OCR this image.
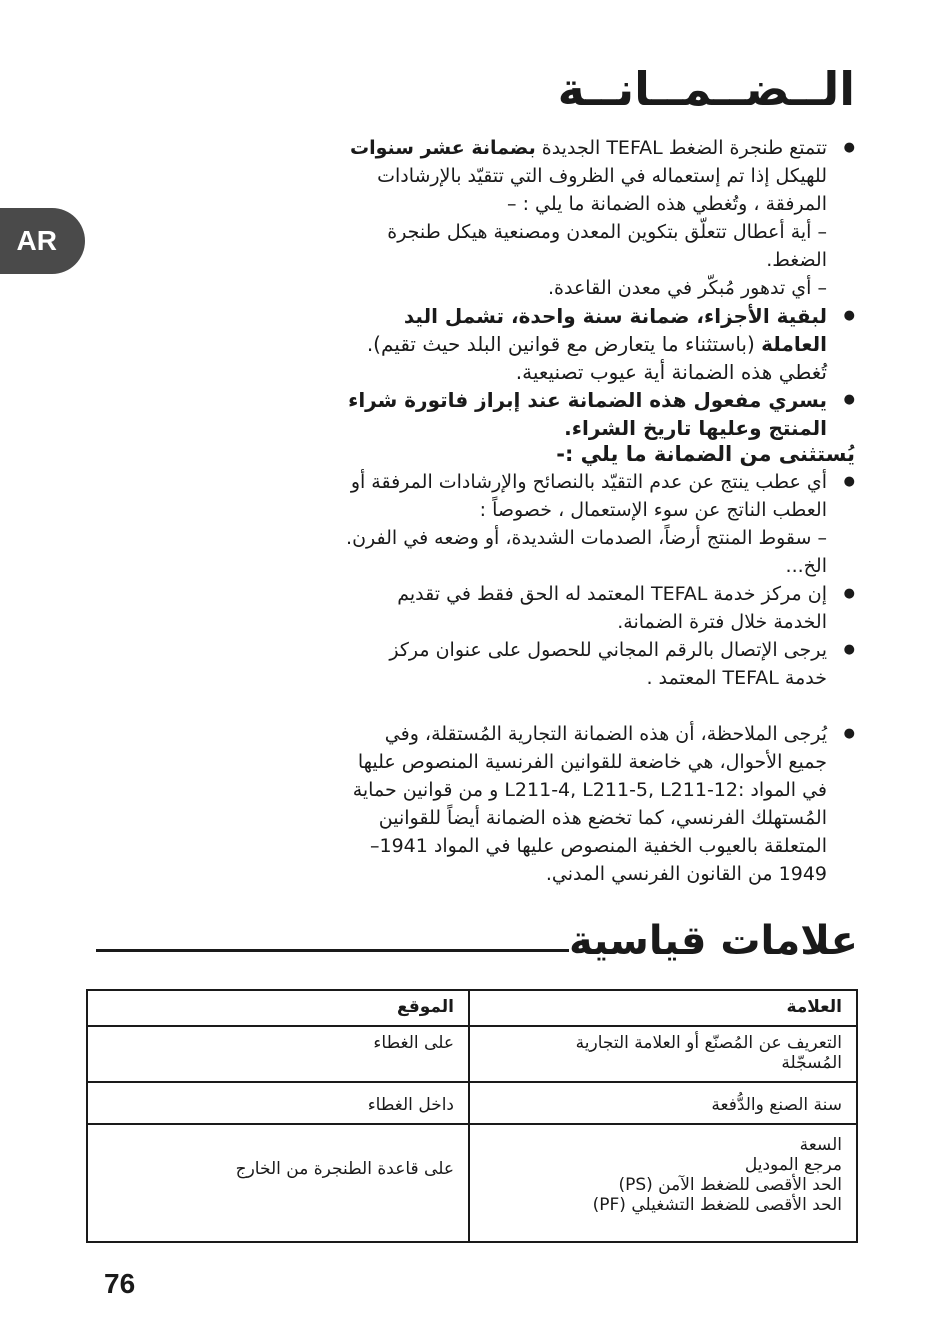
AR
الــضــمــانــة
● تتمتع طنجرة الضغط TEFAL الجديدة بضمانة عشر سنوات للهيكل إذا تم إستعماله في الظروف التي تتقيّد بالإرشادات المرفقة ، وتُغطي هذه الضمانة ما يلي : –
– أية أعطال تتعلّق بتكوين المعدن ومصنعية هيكل طنجرة الضغط.
– أي تدهور مُبكّر في معدن القاعدة.
● لبقية الأجزاء، ضمانة سنة واحدة، تشمل اليد العاملة (باستثناء ما يتعارض مع قوانين البلد حيث تقيم). تُغطي هذه الضمانة أية عيوب تصنيعية.
● يسري مفعول هذه الضمانة عند إبراز فاتورة شراء المنتج وعليها تاريخ الشراء.
يُستثنى من الضمانة ما يلي :-
● أي عطب ينتج عن عدم التقيّد بالنصائح والإرشادات المرفقة أو العطب الناتج عن سوء الإستعمال ، خصوصاً :
– سقوط المنتج أرضاً، الصدمات الشديدة، أو وضعه في الفرن. الخ...
● إن مركز خدمة TEFAL المعتمد له الحق فقط في تقديم الخدمة خلال فترة الضمانة.
● يرجى الإتصال بالرقم المجاني للحصول على عنوان مركز خدمة TEFAL المعتمد .
● يُرجى الملاحظة، أن هذه الضمانة التجارية المُستقلة، وفي جميع الأحوال، هي خاضعة للقوانين الفرنسية المنصوص عليها في المواد :L211-4, L211-5, L211-12 و من قوانين حماية المُستهلك الفرنسي، كما تخضع هذه الضمانة أيضاً للقوانين المتعلقة بالعيوب الخفية المنصوص عليها في المواد 1941–1949 من القانون الفرنسي المدني.
علامات قياسية
العلامة	الموقع

التعريف عن المُصنّع أو العلامة التجارية
المُسجّلة	على الغطاء

سنة الصنع والدُّفعة	داخل الغطاء

السعة
مرجع الموديل
الحد الأقصى للضغط الآمن (PS)
الحد الأقصى للضغط التشغيلي (PF)	على قاعدة الطنجرة من الخارج
76
